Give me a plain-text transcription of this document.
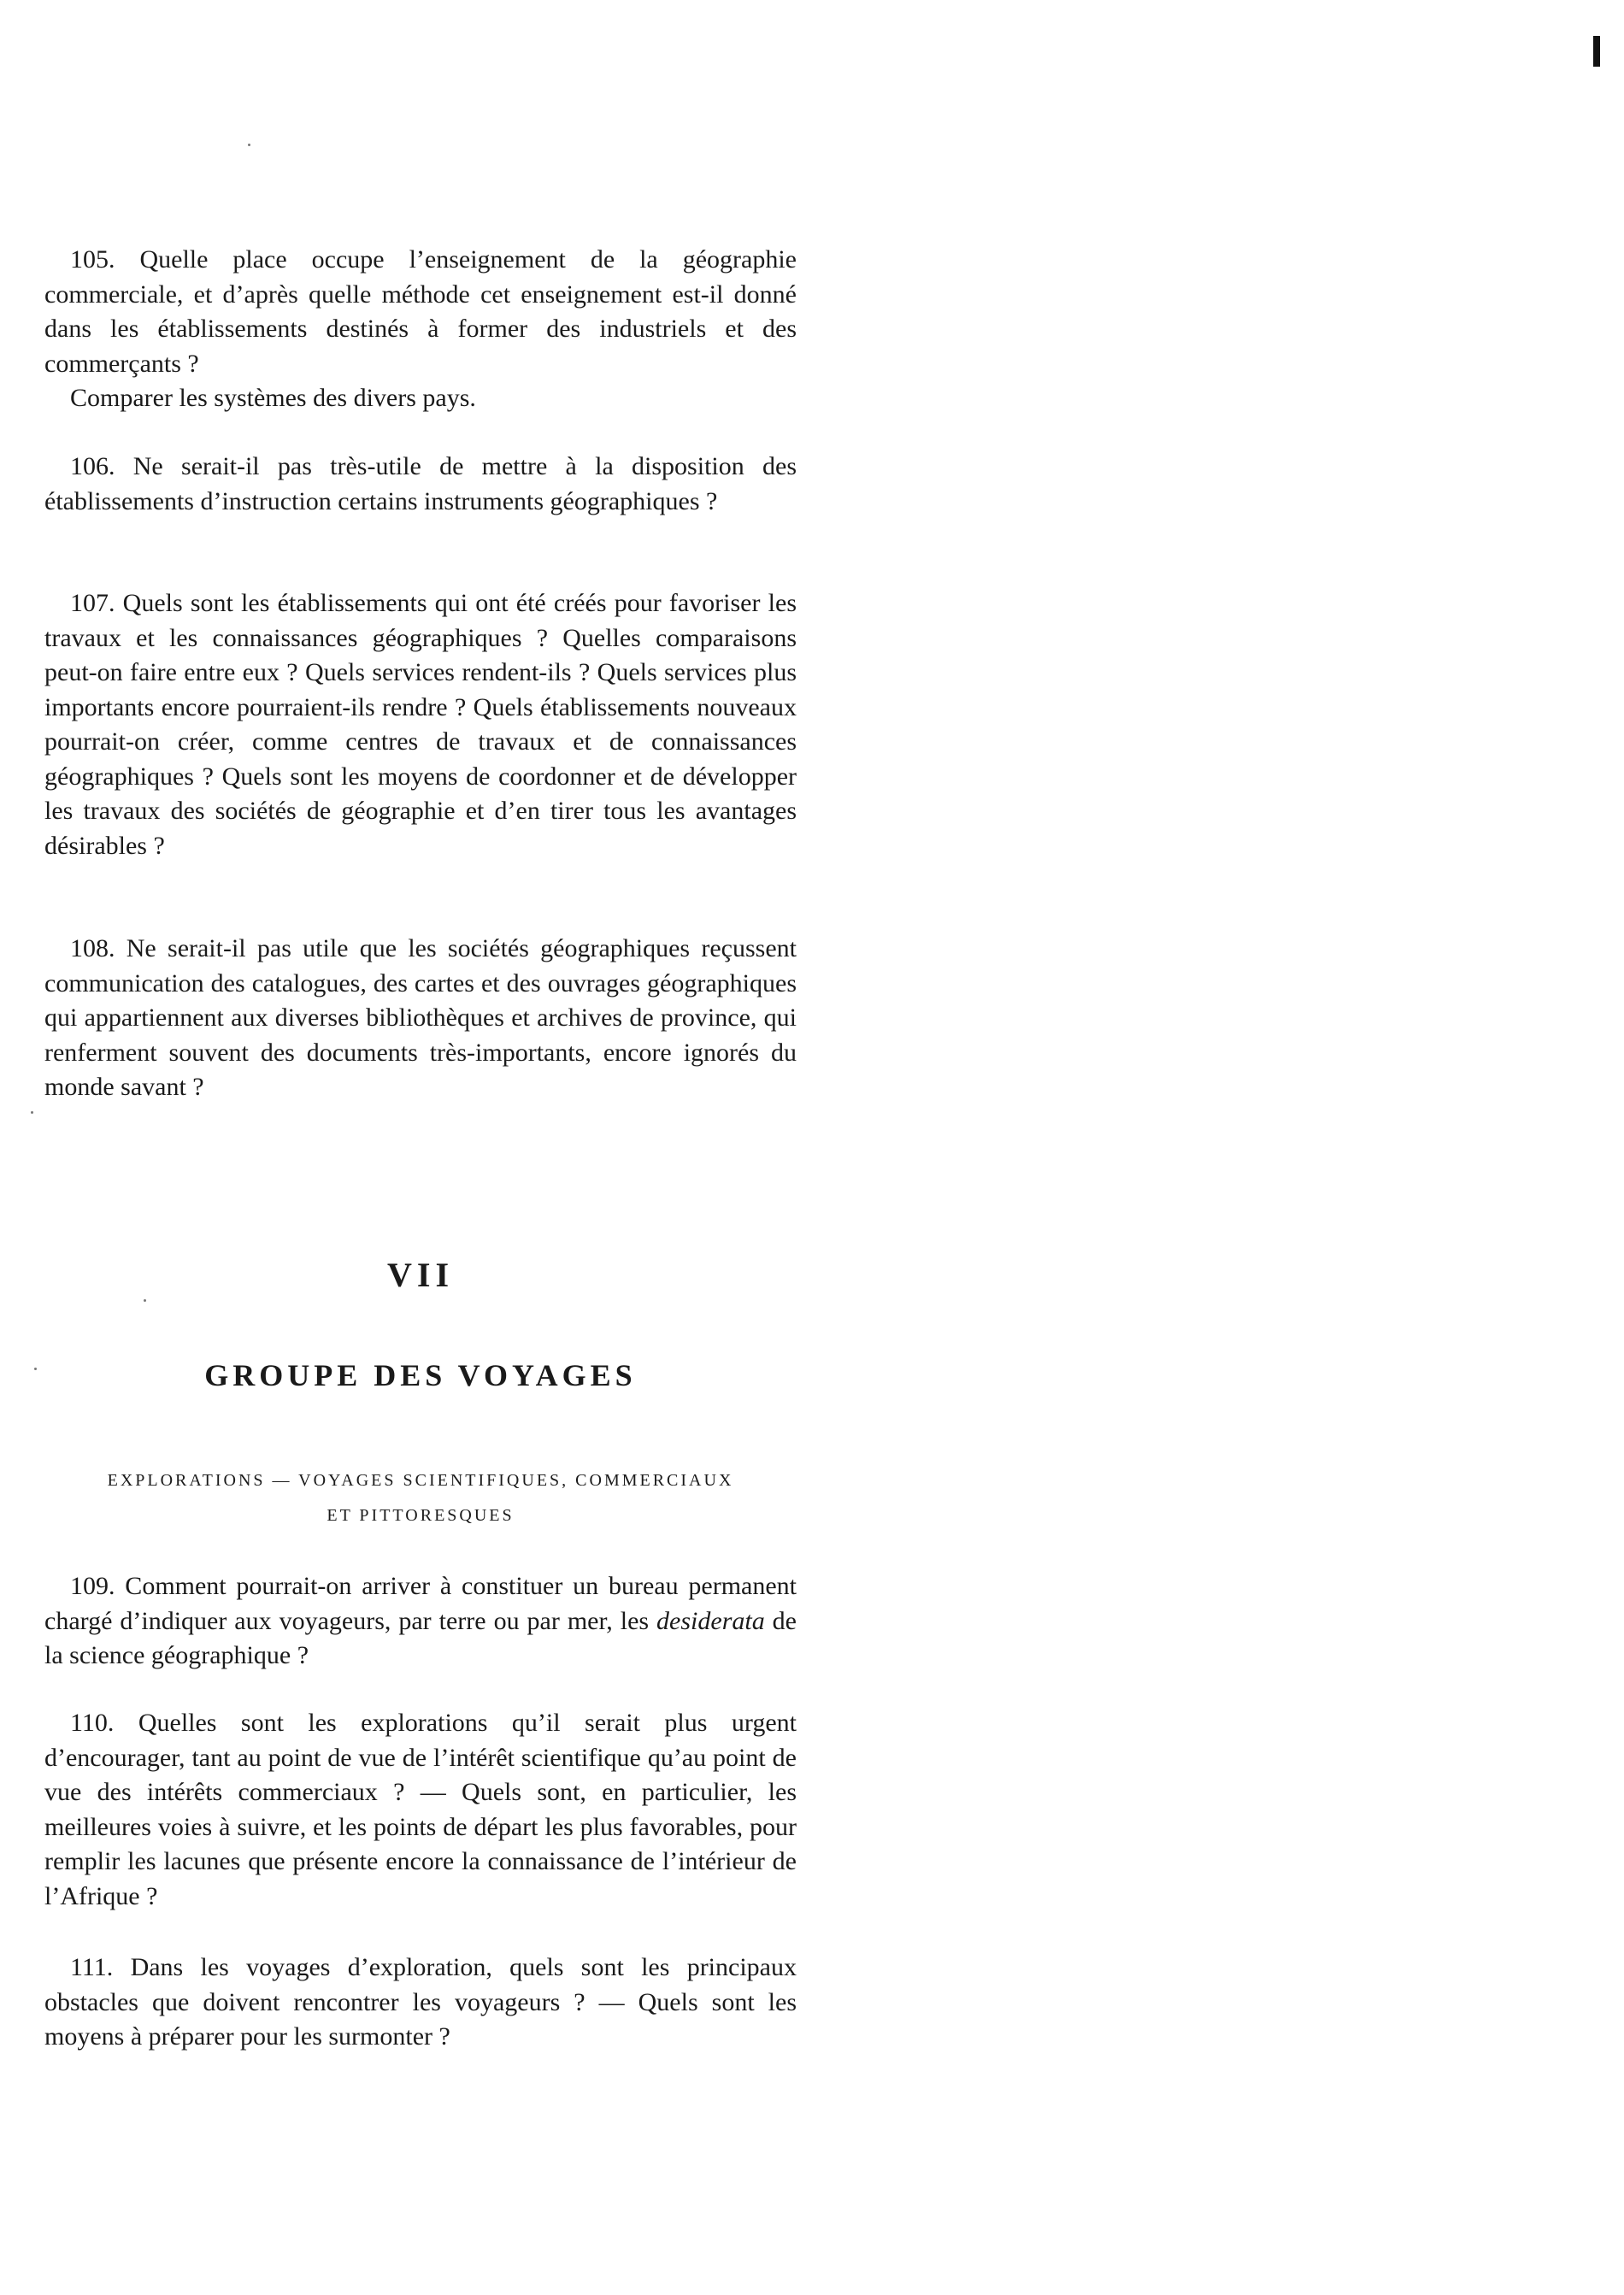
105. Quelle place occupe l’enseignement de la géographie commerciale, et d’après quelle méthode cet enseignement est-il donné dans les établissements destinés à former des industriels et des commerçants ?

Comparer les systèmes des divers pays.

106. Ne serait-il pas très-utile de mettre à la disposition des établissements d’instruction certains instruments géographiques ?

107. Quels sont les établissements qui ont été créés pour favoriser les travaux et les connaissances géographiques ? Quelles comparaisons peut-on faire entre eux ? Quels services rendent-ils ? Quels services plus importants encore pourraient-ils rendre ? Quels établissements nouveaux pourrait-on créer, comme centres de travaux et de connaissances géographiques ? Quels sont les moyens de coordonner et de développer les travaux des sociétés de géographie et d’en tirer tous les avantages désirables ?

108. Ne serait-il pas utile que les sociétés géographiques reçussent communication des catalogues, des cartes et des ouvrages géographiques qui appartiennent aux diverses bibliothèques et archives de province, qui renferment souvent des documents très-importants, encore ignorés du monde savant ?

VII
GROUPE DES VOYAGES
EXPLORATIONS — VOYAGES SCIENTIFIQUES, COMMERCIAUX
ET PITTORESQUES

109. Comment pourrait-on arriver à constituer un bureau permanent chargé d’indiquer aux voyageurs, par terre ou par mer, les desiderata de la science géographique ?

110. Quelles sont les explorations qu’il serait plus urgent d’encourager, tant au point de vue de l’intérêt scientifique qu’au point de vue des intérêts commerciaux ? — Quels sont, en particulier, les meilleures voies à suivre, et les points de départ les plus favorables, pour remplir les lacunes que présente encore la connaissance de l’intérieur de l’Afrique ?

111. Dans les voyages d’exploration, quels sont les principaux obstacles que doivent rencontrer les voyageurs ? — Quels sont les moyens à préparer pour les surmonter ?
